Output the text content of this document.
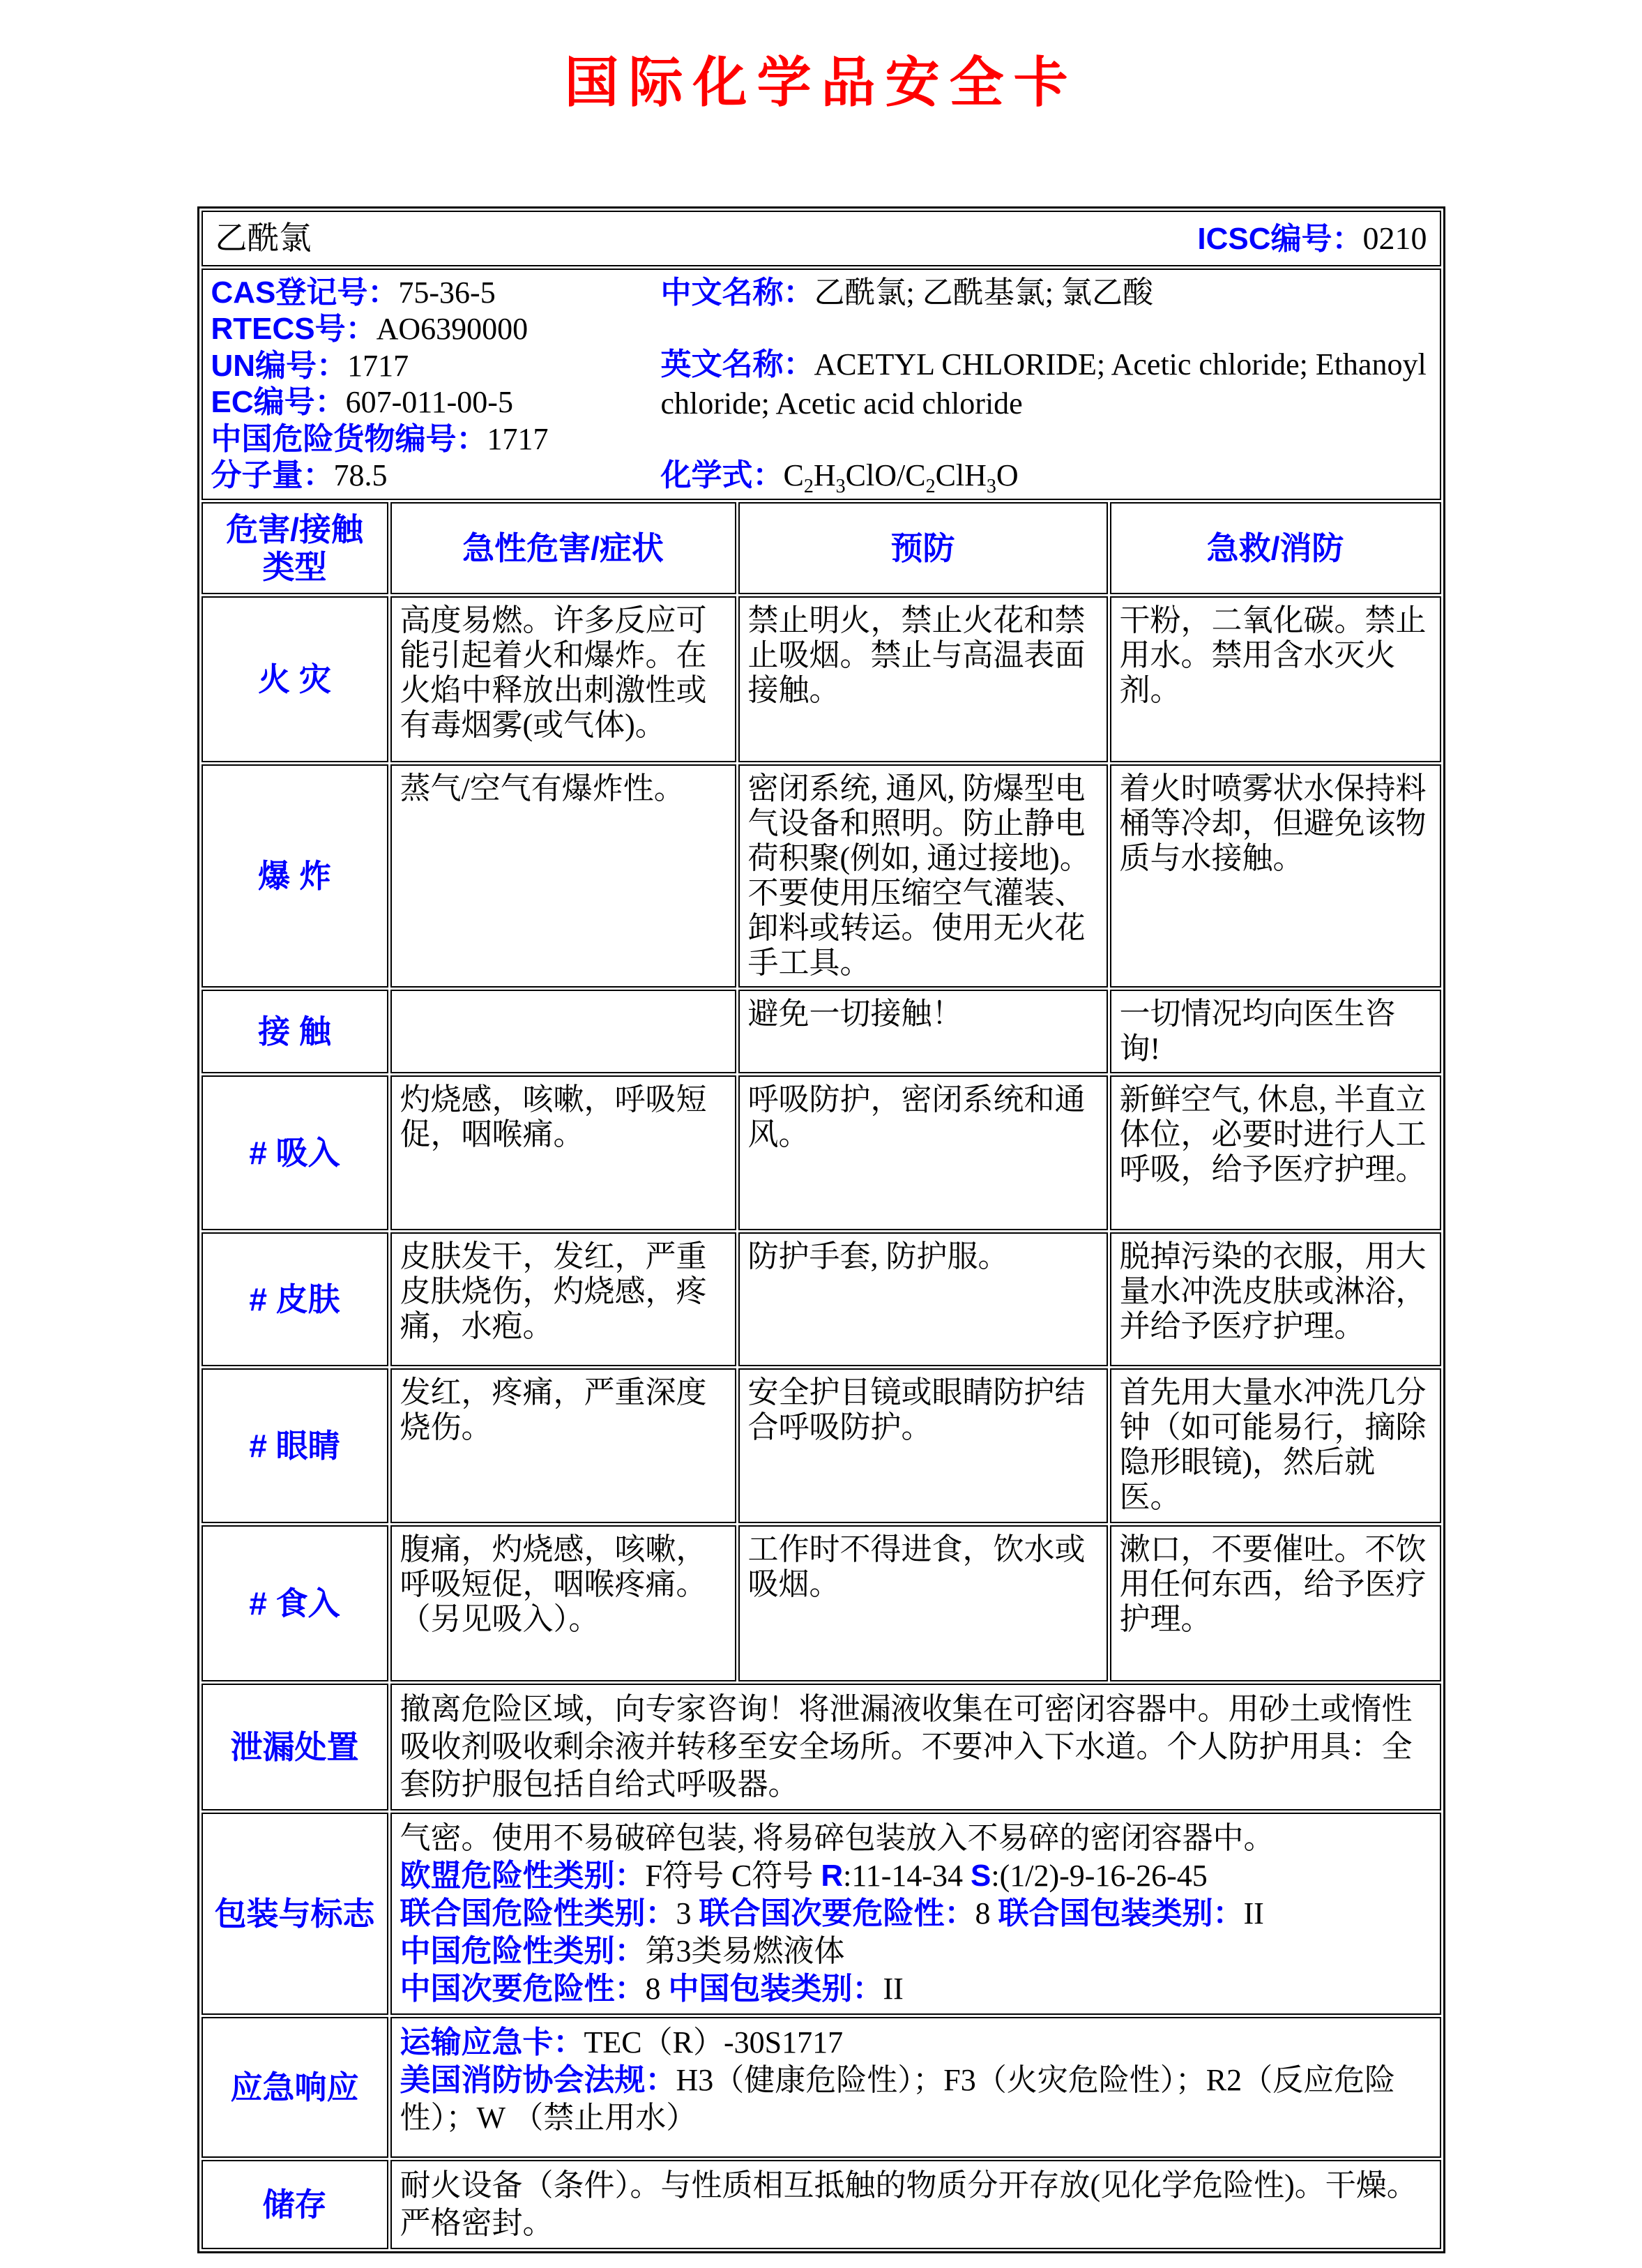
国际化学品安全卡
乙酰氯 ICSC编号：0210			

CAS登记号：75-36-5
RTECS号：AO6390000
UN编号：1717
EC编号：607-011-00-5
中国危险货物编号：1717
分子量：78.5
中文名称：乙酰氯; 乙酰基氯; 氯乙酸
英文名称：ACETYL CHLORIDE; Acetic chloride; Ethanoyl chloride; Acetic acid chloride
化学式：$C_2H_3ClO/C_2ClH_3O$

危害/接触类型	急性危害/症状	预防	急救/消防
火 灾	高度易燃。许多反应可能引起着火和爆炸。在火焰中释放出刺激性或有毒烟雾(或气体)。	禁止明火，禁止火花和禁止吸烟。禁止与高温表面接触。	干粉，二氧化碳。禁止用水。禁用含水灭火剂。
爆 炸	蒸气/空气有爆炸性。	密闭系统, 通风, 防爆型电气设备和照明。防止静电荷积聚(例如, 通过接地)。不要使用压缩空气灌装、卸料或转运。使用无火花手工具。	着火时喷雾状水保持料桶等冷却，但避免该物质与水接触。
接 触		避免一切接触！	一切情况均向医生咨询!
# 吸入	灼烧感，咳嗽，呼吸短促，咽喉痛。	呼吸防护，密闭系统和通风。	新鲜空气, 休息, 半直立体位，必要时进行人工呼吸，给予医疗护理。
# 皮肤	皮肤发干，发红，严重皮肤烧伤，灼烧感，疼痛，水疱。	防护手套, 防护服。	脱掉污染的衣服，用大量水冲洗皮肤或淋浴，并给予医疗护理。
# 眼睛	发红，疼痛，严重深度烧伤。	安全护目镜或眼睛防护结合呼吸防护。	首先用大量水冲洗几分钟（如可能易行，摘除隐形眼镜)，然后就医。
# 食入	腹痛，灼烧感，咳嗽，呼吸短促，咽喉疼痛。（另见吸入）。	工作时不得进食，饮水或吸烟。	漱口，不要催吐。不饮用任何东西，给予医疗护理。
泄漏处置	撤离危险区域，向专家咨询！将泄漏液收集在可密闭容器中。用砂土或惰性吸收剂吸收剩余液并转移至安全场所。不要冲入下水道。个人防护用具：全套防护服包括自给式呼吸器。		

包装与标志	气密。使用不易破碎包装, 将易碎包装放入不易碎的密闭容器中。
欧盟危险性类别：F符号 C符号 R:11-14-34 S:(1/2)-9-16-26-45
联合国危险性类别：3 联合国次要危险性：8 联合国包装类别：II
中国危险性类别：第3类易燃液体
中国次要危险性：8 中国包装类别：II		

应急响应	运输应急卡：TEC（R）-30S1717
美国消防协会法规：H3（健康危险性）；F3（火灾危险性）；R2（反应危险性）；W （禁止用水）		

储存	耐火设备（条件）。与性质相互抵触的物质分开存放(见化学危险性)。干燥。严格密封。		
